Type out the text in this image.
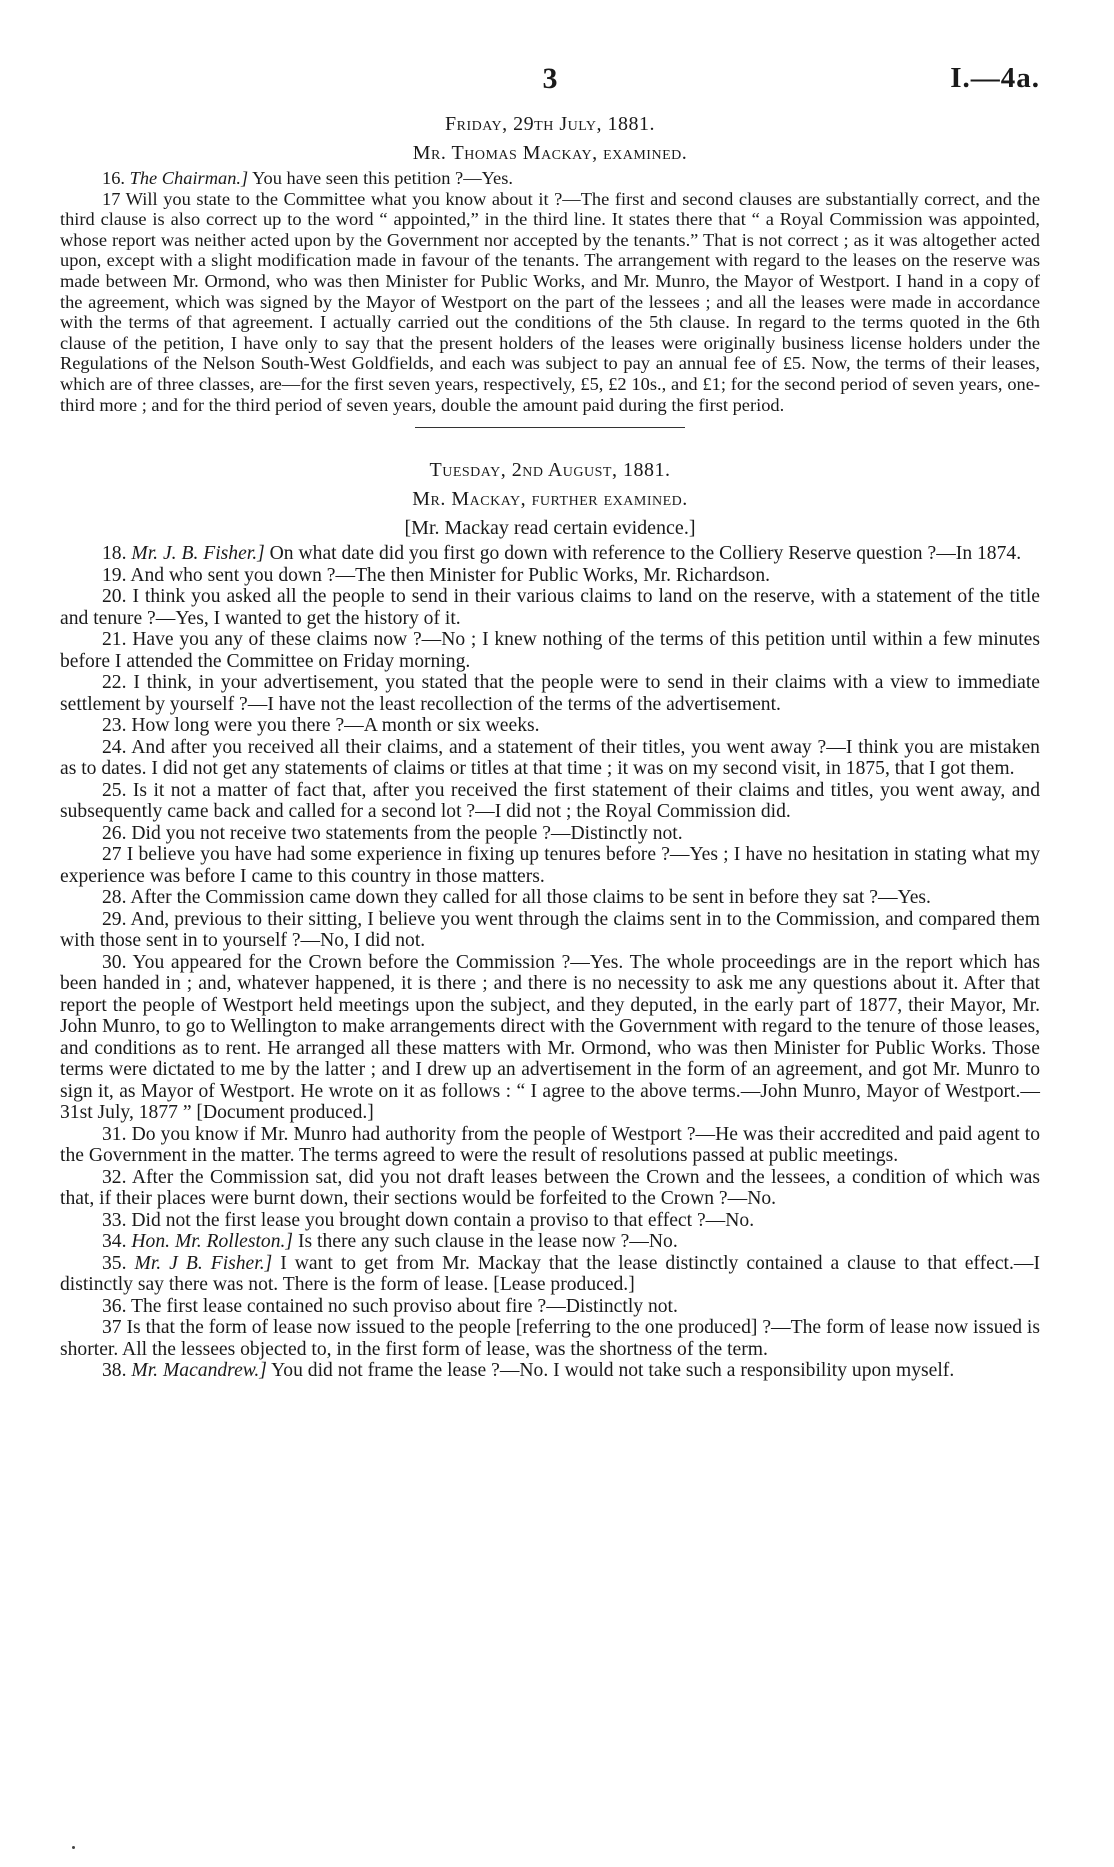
3	I.—4a.
Friday, 29th July, 1881.
Mr. Thomas Mackay, examined.

16. The Chairman.] You have seen this petition ?—Yes.

17 Will you state to the Committee what you know about it ?—The first and second clauses are substantially correct, and the third clause is also correct up to the word “ appointed,” in the third line. It states there that “ a Royal Commission was appointed, whose report was neither acted upon by the Government nor accepted by the tenants.” That is not correct ; as it was altogether acted upon, except with a slight modification made in favour of the tenants. The arrangement with regard to the leases on the reserve was made between Mr. Ormond, who was then Minister for Public Works, and Mr. Munro, the Mayor of Westport. I hand in a copy of the agreement, which was signed by the Mayor of Westport on the part of the lessees ; and all the leases were made in accordance with the terms of that agreement. I actually carried out the conditions of the 5th clause. In regard to the terms quoted in the 6th clause of the petition, I have only to say that the present holders of the leases were originally business license holders under the Regulations of the Nelson South-West Goldfields, and each was subject to pay an annual fee of £5. Now, the terms of their leases, which are of three classes, are—for the first seven years, respectively, £5, £2 10s., and £1; for the second period of seven years, one-third more ; and for the third period of seven years, double the amount paid during the first period.

Tuesday, 2nd August, 1881.
Mr. Mackay, further examined.
[Mr. Mackay read certain evidence.]

18. Mr. J. B. Fisher.] On what date did you first go down with reference to the Colliery Reserve question ?—In 1874.

19. And who sent you down ?—The then Minister for Public Works, Mr. Richardson.

20. I think you asked all the people to send in their various claims to land on the reserve, with a statement of the title and tenure ?—Yes, I wanted to get the history of it.

21. Have you any of these claims now ?—No ; I knew nothing of the terms of this petition until within a few minutes before I attended the Committee on Friday morning.

22. I think, in your advertisement, you stated that the people were to send in their claims with a view to immediate settlement by yourself ?—I have not the least recollection of the terms of the advertisement.

23. How long were you there ?—A month or six weeks.

24. And after you received all their claims, and a statement of their titles, you went away ?—I think you are mistaken as to dates. I did not get any statements of claims or titles at that time ; it was on my second visit, in 1875, that I got them.

25. Is it not a matter of fact that, after you received the first statement of their claims and titles, you went away, and subsequently came back and called for a second lot ?—I did not ; the Royal Commission did.

26. Did you not receive two statements from the people ?—Distinctly not.

27 I believe you have had some experience in fixing up tenures before ?—Yes ; I have no hesitation in stating what my experience was before I came to this country in those matters.

28. After the Commission came down they called for all those claims to be sent in before they sat ?—Yes.

29. And, previous to their sitting, I believe you went through the claims sent in to the Commission, and compared them with those sent in to yourself ?—No, I did not.

30. You appeared for the Crown before the Commission ?—Yes. The whole proceedings are in the report which has been handed in ; and, whatever happened, it is there ; and there is no necessity to ask me any questions about it. After that report the people of Westport held meetings upon the subject, and they deputed, in the early part of 1877, their Mayor, Mr. John Munro, to go to Wellington to make arrangements direct with the Government with regard to the tenure of those leases, and conditions as to rent. He arranged all these matters with Mr. Ormond, who was then Minister for Public Works. Those terms were dictated to me by the latter ; and I drew up an advertisement in the form of an agreement, and got Mr. Munro to sign it, as Mayor of Westport. He wrote on it as follows : “ I agree to the above terms.—John Munro, Mayor of Westport.—31st July, 1877 ” [Document produced.]

31. Do you know if Mr. Munro had authority from the people of Westport ?—He was their accredited and paid agent to the Government in the matter. The terms agreed to were the result of resolutions passed at public meetings.

32. After the Commission sat, did you not draft leases between the Crown and the lessees, a condition of which was that, if their places were burnt down, their sections would be forfeited to the Crown ?—No.

33. Did not the first lease you brought down contain a proviso to that effect ?—No.

34. Hon. Mr. Rolleston.] Is there any such clause in the lease now ?—No.

35. Mr. J B. Fisher.] I want to get from Mr. Mackay that the lease distinctly contained a clause to that effect.—I distinctly say there was not. There is the form of lease. [Lease produced.]

36. The first lease contained no such proviso about fire ?—Distinctly not.

37 Is that the form of lease now issued to the people [referring to the one produced] ?—The form of lease now issued is shorter. All the lessees objected to, in the first form of lease, was the shortness of the term.

38. Mr. Macandrew.] You did not frame the lease ?—No. I would not take such a responsibility upon myself.
